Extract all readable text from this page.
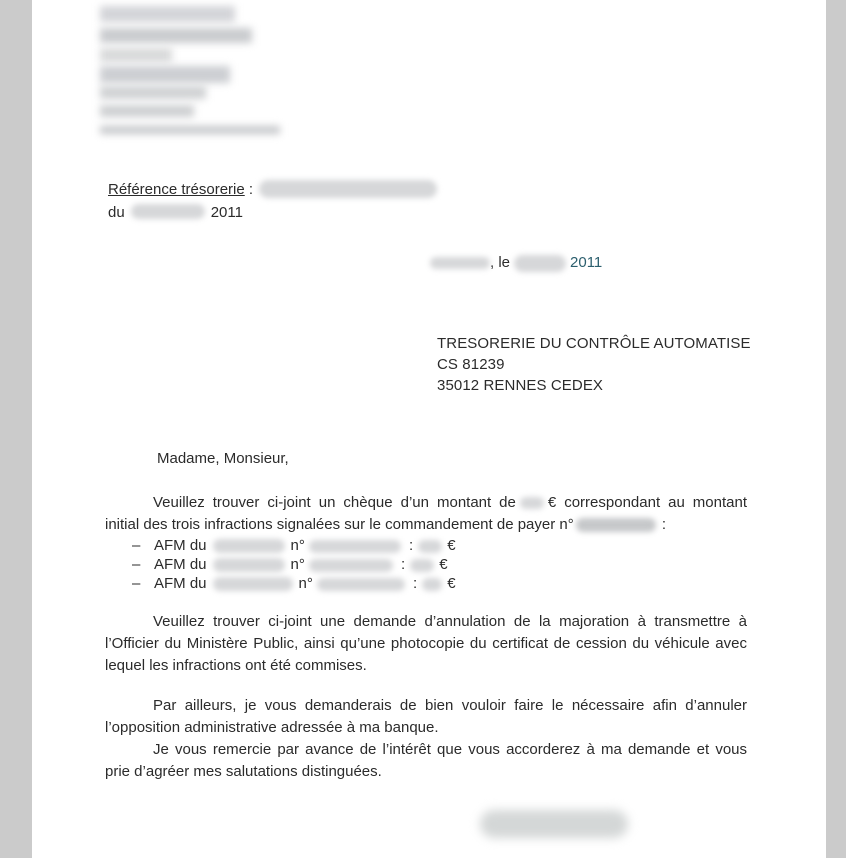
Référence trésorerie :
du	2011
, le	2011
TRESORERIE DU CONTRÔLE AUTOMATISE
CS 81239
35012 RENNES CEDEX

Madame, Monsieur,

Veuillez trouver ci-joint un chèque d’un montant de € correspondant au montant initial des trois infractions signalées sur le commandement de payer n°	:

– AFM du	n°	: €
– AFM du	n°	: €
– AFM du	n°	: €

Veuillez trouver ci-joint une demande d’annulation de la majoration à transmettre à l’Officier du Ministère Public, ainsi qu’une photocopie du certificat de cession du véhicule avec lequel les infractions ont été commises.

Par ailleurs, je vous demanderais de bien vouloir faire le nécessaire afin d’annuler l’opposition administrative adressée à ma banque.

Je vous remercie par avance de l’intérêt que vous accorderez à ma demande et vous prie d’agréer mes salutations distinguées.
